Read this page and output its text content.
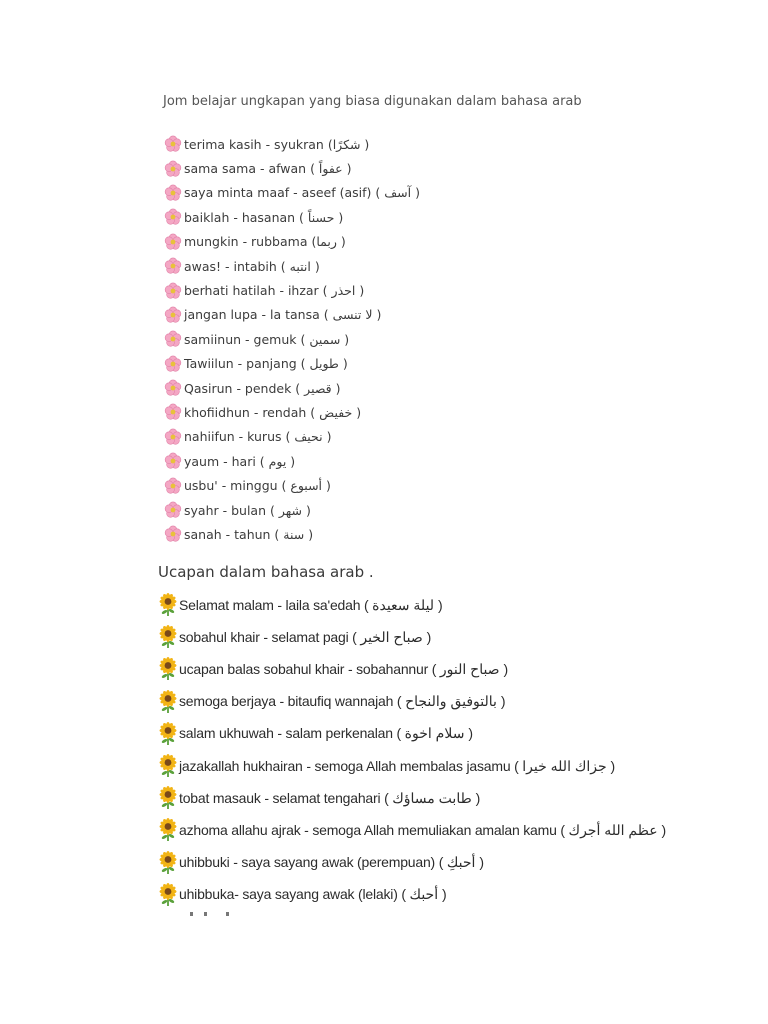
Jom belajar ungkapan yang biasa digunakan dalam bahasa arab
terima kasih - syukran (شكرًا )
sama sama - afwan ( عفواً )
saya minta maaf - aseef (asif) ( آسف )
baiklah - hasanan ( حسناً )
mungkin - rubbama (ربما )
awas! - intabih ( انتبه )
berhati hatilah - ihzar ( احذر )
jangan lupa - la tansa ( لا تنسى )
samiinun - gemuk ( سمين )
Tawiilun - panjang ( طويل )
Qasirun - pendek ( قصير )
khofiidhun - rendah ( خفيض )
nahiifun - kurus ( نحيف )
yaum - hari ( يوم )
usbu' - minggu ( أسبوع )
syahr - bulan ( شهر )
sanah - tahun ( سنة )
Ucapan dalam bahasa arab .
Selamat malam - laila sa'edah ( ليلة سعيدة )
sobahul khair - selamat pagi ( صباح الخير )
ucapan balas sobahul khair - sobahannur ( صباح النور )
semoga berjaya - bitaufiq wannajah ( بالتوفيق والنجاح )
salam ukhuwah - salam perkenalan ( سلام اخوة )
jazakallah hukhairan - semoga Allah membalas jasamu ( جزاك الله خيرا )
tobat masauk - selamat tengahari ( طابت مساؤك )
azhoma allahu ajrak - semoga Allah memuliakan amalan kamu ( عظم الله أجرك )
uhibbuki - saya sayang awak (perempuan) ( أحبكِ )
uhibbuka- saya sayang awak (lelaki) ( أحبك )
